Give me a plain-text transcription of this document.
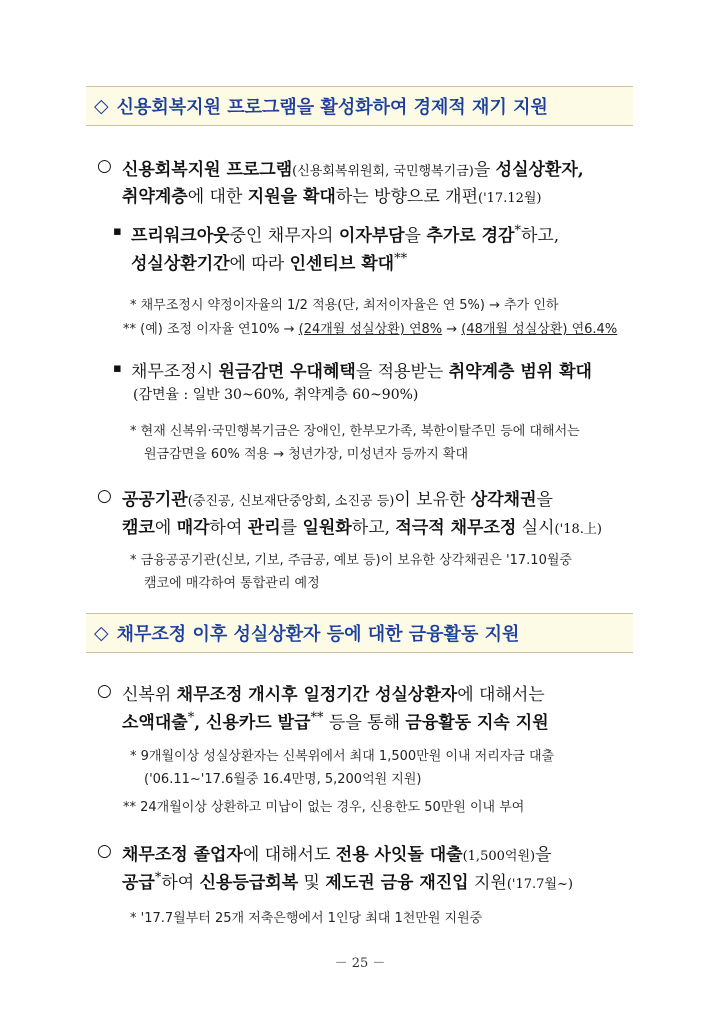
◇ 신용회복지원 프로그램을 활성화하여 경제적 재기 지원
○ 신용회복지원 프로그램(신용회복위원회, 국민행복기금)을 성실상환자,
취약계층에 대한 지원을 확대하는 방향으로 개편('17.12월)
▪ 프리워크아웃중인 채무자의 이자부담을 추가로 경감*하고,
성실상환기간에 따라 인센티브 확대**
* 채무조정시 약정이자율의 1/2 적용(단, 최저이자율은 연 5%) → 추가 인하
** (예) 조정 이자율 연10% → (24개월 성실상환) 연8% → (48개월 성실상환) 연6.4%
▪ 채무조정시 원금감면 우대혜택을 적용받는 취약계층 범위 확대
(감면율 : 일반 30~60%, 취약계층 60~90%)
* 현재 신복위·국민행복기금은 장애인, 한부모가족, 북한이탈주민 등에 대해서는
원금감면을 60% 적용 → 청년가장, 미성년자 등까지 확대
○ 공공기관(중진공, 신보재단중앙회, 소진공 등)이 보유한 상각채권을
캠코에 매각하여 관리를 일원화하고, 적극적 채무조정 실시('18.上)
* 금융공공기관(신보, 기보, 주금공, 예보 등)이 보유한 상각채권은 '17.10월중
캠코에 매각하여 통합관리 예정
◇ 채무조정 이후 성실상환자 등에 대한 금융활동 지원
○ 신복위 채무조정 개시후 일정기간 성실상환자에 대해서는
소액대출*, 신용카드 발급** 등을 통해 금융활동 지속 지원
* 9개월이상 성실상환자는 신복위에서 최대 1,500만원 이내 저리자금 대출
('06.11~'17.6월중 16.4만명, 5,200억원 지원)
** 24개월이상 상환하고 미납이 없는 경우, 신용한도 50만원 이내 부여
○ 채무조정 졸업자에 대해서도 전용 사잇돌 대출(1,500억원)을
공급*하여 신용등급회복 및 제도권 금융 재진입 지원('17.7월~)
* '17.7월부터 25개 저축은행에서 1인당 최대 1천만원 지원중
－ 25 －
